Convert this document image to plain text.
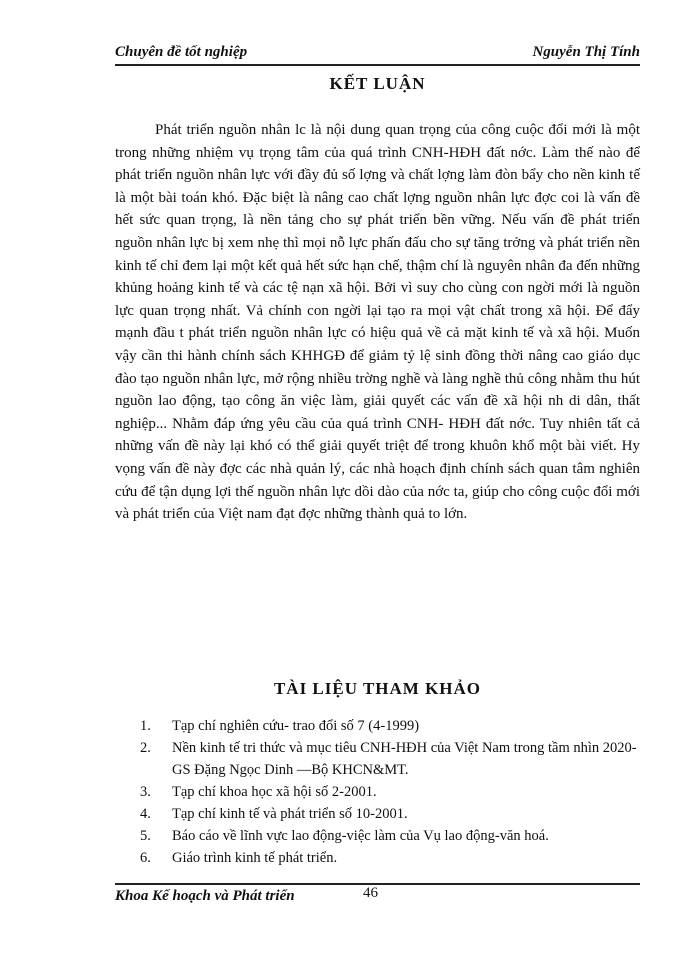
Chuyên đề tốt nghiệp	Nguyễn Thị Tính
KẾT LUẬN

Phát triển nguồn nhân lc là nội dung quan trọng của công cuộc đổi mới là một trong những nhiệm vụ trọng tâm của quá trình CNH-HĐH đất nớc. Làm thế nào để phát triển nguồn nhân lực với đầy đủ số lợng và chất lợng làm đòn bẩy cho nền kinh tế là một bài toán khó. Đặc biệt là nâng cao chất lợng nguồn nhân lực đợc coi là vấn đề hết sức quan trọng, là nền tảng cho sự phát triển bền vững. Nếu vấn đề phát triển nguồn nhân lực bị xem nhẹ thì mọi nỗ lực phấn đấu cho sự tăng trởng và phát triển nền kinh tế chỉ đem lại một kết quả hết sức hạn chế, thậm chí là nguyên nhân đa đến những khủng hoảng kinh tế và các tệ nạn xã hội. Bởi vì suy cho cùng con ngời mới là nguồn lực quan trọng nhất. Vả chính con ngời lại tạo ra mọi vật chất trong xã hội. Để đẩy mạnh đầu t phát triển nguồn nhân lực có hiệu quả về cả mặt kinh tế và xã hội. Muốn vậy cần thi hành chính sách KHHGĐ để giảm tỷ lệ sinh đồng thời nâng cao giáo dục đào tạo nguồn nhân lực, mở rộng nhiều trờng nghề và làng nghề thủ công nhằm thu hút nguồn lao động, tạo công ăn việc làm, giải quyết các vấn đề xã hội nh di dân, thất nghiệp... Nhằm đáp ứng yêu cầu của quá trình CNH- HĐH đất nớc. Tuy nhiên tất cả những vấn đề này lại khó có thể giải quyết triệt để trong khuôn khổ một bài viết. Hy vọng vấn đề này đợc các nhà quản lý, các nhà hoạch định chính sách quan tâm nghiên cứu để tận dụng lợi thế nguồn nhân lực dồi dào của nớc ta, giúp cho công cuộc đổi mới và phát triển của Việt nam đạt đợc những thành quả to lớn.

TÀI LIỆU THAM KHẢO
1. Tạp chí nghiên cứu- trao đổi số 7 (4-1999)
2. Nền kinh tế tri thức và mục tiêu CNH-HĐH của Việt Nam trong tầm nhìn 2020- GS Đặng Ngọc Dinh —Bộ KHCN&MT.
3. Tạp chí khoa học xã hội số 2-2001.
4. Tạp chí kinh tế và phát triển số 10-2001.
5. Báo cáo về lĩnh vực lao động-việc làm của Vụ lao động-văn hoá.
6. Giáo trình kinh tế phát triển.
Khoa Kế hoạch và Phát triển	46
